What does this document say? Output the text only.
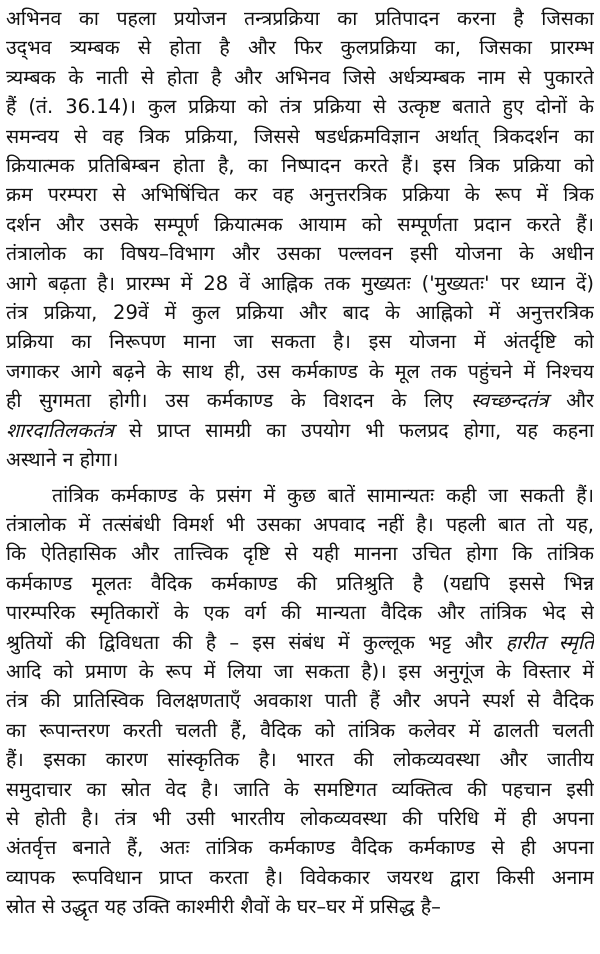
अभिनव का पहला प्रयोजन तन्त्रप्रक्रिया का प्रतिपादन करना है जिसका
उद्‌भव त्र्यम्बक से होता है और फिर कुलप्रक्रिया का, जिसका प्रारम्भ
त्र्यम्बक के नाती से होता है और अभिनव जिसे अर्धत्र्यम्बक नाम से पुकारते
हैं (तं. 36.14)। कुल प्रक्रिया को तंत्र प्रक्रिया से उत्कृष्ट बताते हुए दोनों के
समन्वय से वह त्रिक प्रक्रिया, जिससे षडर्धक्रमविज्ञान अर्थात् त्रिकदर्शन का
क्रियात्मक प्रतिबिम्बन होता है, का निष्पादन करते हैं। इस त्रिक प्रक्रिया को
क्रम परम्परा से अभिषिंचित कर वह अनुत्तरत्रिक प्रक्रिया के रूप में त्रिक
दर्शन और उसके सम्पूर्ण क्रियात्मक आयाम को सम्पूर्णता प्रदान करते हैं।
तंत्रालोक का विषय–विभाग और उसका पल्लवन इसी योजना के अधीन
आगे बढ़ता है। प्रारम्भ में 28 वें आह्निक तक मुख्यतः ('मुख्यतः' पर ध्यान दें)
तंत्र प्रक्रिया, 29वें में कुल प्रक्रिया और बाद के आह्निको में अनुत्तरत्रिक
प्रक्रिया का निरूपण माना जा सकता है। इस योजना में अंतर्दृष्टि को
जगाकर आगे बढ़ने के साथ ही, उस कर्मकाण्ड के मूल तक पहुंचने में निश्चय
ही सुगमता होगी। उस कर्मकाण्ड के विशदन के लिए स्वच्छन्दतंत्र और
शारदातिलकतंत्र से प्राप्त सामग्री का उपयोग भी फलप्रद होगा, यह कहना
अस्थाने न होगा।
तांत्रिक कर्मकाण्ड के प्रसंग में कुछ बातें सामान्यतः कही जा सकती हैं।
तंत्रालोक में तत्संबंधी विमर्श भी उसका अपवाद नहीं है। पहली बात तो यह,
कि ऐतिहासिक और तात्त्विक दृष्टि से यही मानना उचित होगा कि तांत्रिक
कर्मकाण्ड मूलतः वैदिक कर्मकाण्ड की प्रतिश्रुति है (यद्यपि इससे भिन्न
पारम्परिक स्मृतिकारों के एक वर्ग की मान्यता वैदिक और तांत्रिक भेद से
श्रुतियों की द्विविधता की है – इस संबंध में कुल्लूक भट्ट और हारीत स्मृति
आदि को प्रमाण के रूप में लिया जा सकता है)। इस अनुगूंज के विस्तार में
तंत्र की प्रातिस्विक विलक्षणताएँ अवकाश पाती हैं और अपने स्पर्श से वैदिक
का रूपान्तरण करती चलती हैं, वैदिक को तांत्रिक कलेवर में ढालती चलती
हैं। इसका कारण सांस्कृतिक है। भारत की लोकव्यवस्था और जातीय
समुदाचार का स्रोत वेद है। जाति के समष्टिगत व्यक्तित्व की पहचान इसी
से होती है। तंत्र भी उसी भारतीय लोकव्यवस्था की परिधि में ही अपना
अंतर्वृत्त बनाते हैं, अतः तांत्रिक कर्मकाण्ड वैदिक कर्मकाण्ड से ही अपना
व्यापक रूपविधान प्राप्त करता है। विवेककार जयरथ द्वारा किसी अनाम
स्रोत से उद्धृत यह उक्ति काश्मीरी शैवों के घर–घर में प्रसिद्ध है–
